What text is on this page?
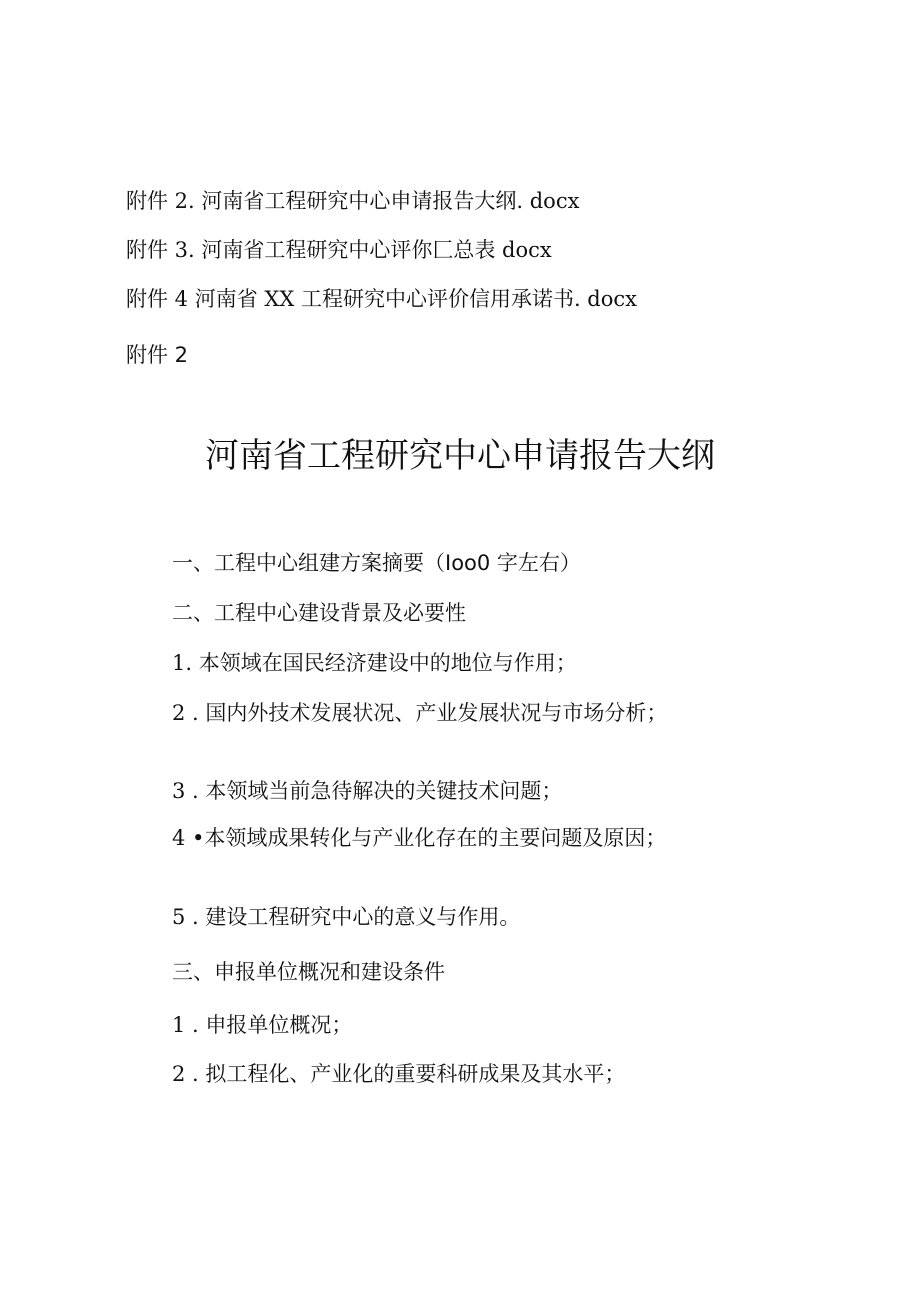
附件 2. 河南省工程研究中心申请报告大纲. docx
附件 3. 河南省工程研究中心评你匚总表 docx
附件 4 河南省 XX 工程研究中心评价信用承诺书. docx
附件 2
河南省工程研究中心申请报告大纲
一、工程中心组建方案摘要（Ioo0 字左右）
二、工程中心建设背景及必要性
1. 本领域在国民经济建设中的地位与作用；
2 . 国内外技术发展状况、产业发展状况与市场分析；
3 . 本领域当前急待解决的关键技术问题；
4 •本领域成果转化与产业化存在的主要问题及原因；
5 . 建设工程研究中心的意义与作用。
三、申报单位概况和建设条件
1 . 申报单位概况；
2 . 拟工程化、产业化的重要科研成果及其水平；
